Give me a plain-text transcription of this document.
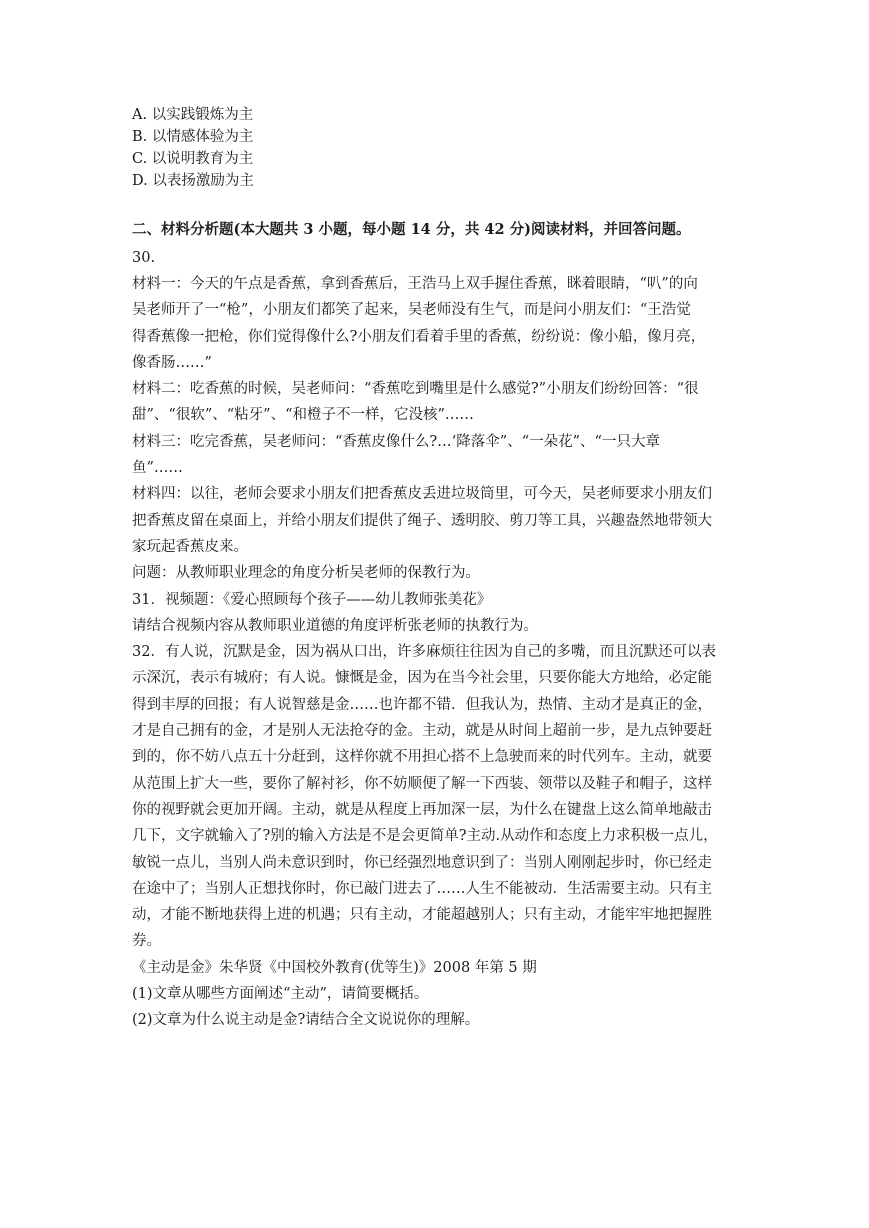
A. 以实践锻炼为主
B. 以情感体验为主
C. 以说明教育为主
D. 以表扬激励为主
二、材料分析题(本大题共 3 小题，每小题 14 分，共 42 分)阅读材料，并回答问题。
30.
材料一：今天的午点是香蕉，拿到香蕉后，王浩马上双手握住香蕉，眯着眼睛，“叭”的向
吴老师开了一“枪”，小朋友们都笑了起来，吴老师没有生气，而是问小朋友们：“王浩觉
得香蕉像一把枪，你们觉得像什么?小朋友们看着手里的香蕉，纷纷说：像小船，像月亮，
像香肠……”
材料二：吃香蕉的时候，吴老师问：“香蕉吃到嘴里是什么感觉?”小朋友们纷纷回答：“很
甜”、“很软”、“粘牙”、“和橙子不一样，它没核”……
材料三：吃完香蕉，吴老师问：“香蕉皮像什么?…‘降落伞”、“一朵花”、“一只大章
鱼”……
材料四：以往，老师会要求小朋友们把香蕉皮丢进垃圾筒里，可今天，吴老师要求小朋友们
把香蕉皮留在桌面上，并给小朋友们提供了绳子、透明胶、剪刀等工具，兴趣盎然地带领大
家玩起香蕉皮来。
问题：从教师职业理念的角度分析吴老师的保教行为。
31．视频题：《爱心照顾每个孩子——幼儿教师张美花》
请结合视频内容从教师职业道德的角度评析张老师的执教行为。
32．有人说，沉默是金，因为祸从口出，许多麻烦往往因为自己的多嘴，而且沉默还可以表
示深沉，表示有城府；有人说。慷慨是金，因为在当今社会里，只要你能大方地给，必定能
得到丰厚的回报；有人说智慈是金……也许都不错．但我认为，热情、主动才是真正的金，
才是自己拥有的金，才是别人无法抢夺的金。主动，就是从时间上超前一步，是九点钟要赶
到的，你不妨八点五十分赶到，这样你就不用担心搭不上急驶而来的时代列车。主动，就要
从范围上扩大一些，要你了解衬衫，你不妨顺便了解一下西装、领带以及鞋子和帽子，这样
你的视野就会更加开阔。主动，就是从程度上再加深一层，为什么在键盘上这么简单地敲击
几下，文字就输入了?别的输入方法是不是会更简单?主动.从动作和态度上力求积极一点儿，
敏锐一点儿，当别人尚未意识到时，你已经强烈地意识到了：当别人刚刚起步时，你已经走
在途中了；当别人正想找你时，你已敲门进去了……人生不能被动．生活需要主动。只有主
动，才能不断地获得上进的机遇；只有主动，才能超越别人；只有主动，才能牢牢地把握胜
券。
《主动是金》朱华贤《中国校外教育(优等生)》2008 年第 5 期
(1)文章从哪些方面阐述“主动”，请简要概括。
(2)文章为什么说主动是金?请结合全文说说你的理解。
